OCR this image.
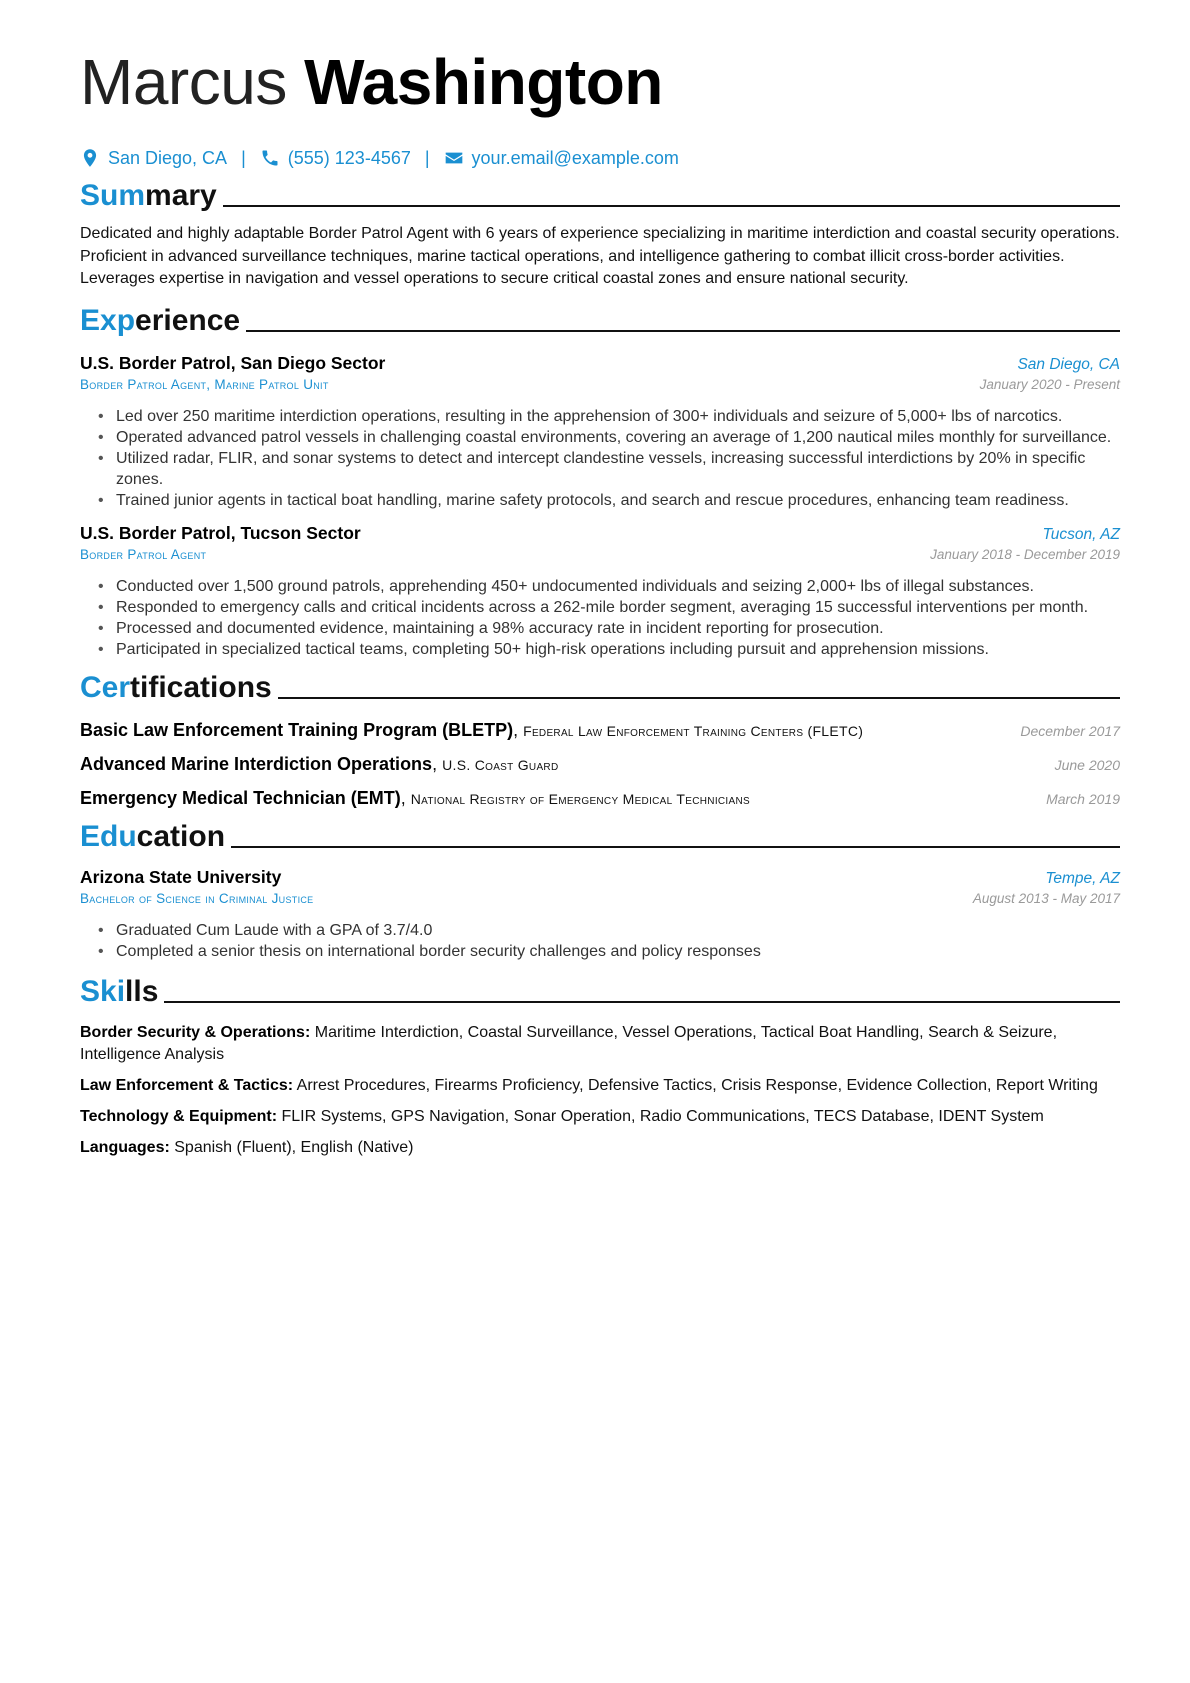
Marcus Washington
San Diego, CA | (555) 123-4567 | your.email@example.com
Summary
Dedicated and highly adaptable Border Patrol Agent with 6 years of experience specializing in maritime interdiction and coastal security operations. Proficient in advanced surveillance techniques, marine tactical operations, and intelligence gathering to combat illicit cross-border activities. Leverages expertise in navigation and vessel operations to secure critical coastal zones and ensure national security.
Experience
U.S. Border Patrol, San Diego Sector	San Diego, CA
Border Patrol Agent, Marine Patrol Unit	January 2020 - Present
• Led over 250 maritime interdiction operations, resulting in the apprehension of 300+ individuals and seizure of 5,000+ lbs of narcotics.
• Operated advanced patrol vessels in challenging coastal environments, covering an average of 1,200 nautical miles monthly for surveillance.
• Utilized radar, FLIR, and sonar systems to detect and intercept clandestine vessels, increasing successful interdictions by 20% in specific zones.
• Trained junior agents in tactical boat handling, marine safety protocols, and search and rescue procedures, enhancing team readiness.
U.S. Border Patrol, Tucson Sector	Tucson, AZ
Border Patrol Agent	January 2018 - December 2019
• Conducted over 1,500 ground patrols, apprehending 450+ undocumented individuals and seizing 2,000+ lbs of illegal substances.
• Responded to emergency calls and critical incidents across a 262-mile border segment, averaging 15 successful interventions per month.
• Processed and documented evidence, maintaining a 98% accuracy rate in incident reporting for prosecution.
• Participated in specialized tactical teams, completing 50+ high-risk operations including pursuit and apprehension missions.
Certifications
Basic Law Enforcement Training Program (BLETP), Federal Law Enforcement Training Centers (FLETC)	December 2017
Advanced Marine Interdiction Operations, U.S. Coast Guard	June 2020
Emergency Medical Technician (EMT), National Registry of Emergency Medical Technicians	March 2019
Education
Arizona State University	Tempe, AZ
Bachelor of Science in Criminal Justice	August 2013 - May 2017
• Graduated Cum Laude with a GPA of 3.7/4.0
• Completed a senior thesis on international border security challenges and policy responses
Skills
Border Security & Operations: Maritime Interdiction, Coastal Surveillance, Vessel Operations, Tactical Boat Handling, Search & Seizure, Intelligence Analysis
Law Enforcement & Tactics: Arrest Procedures, Firearms Proficiency, Defensive Tactics, Crisis Response, Evidence Collection, Report Writing
Technology & Equipment: FLIR Systems, GPS Navigation, Sonar Operation, Radio Communications, TECS Database, IDENT System
Languages: Spanish (Fluent), English (Native)
